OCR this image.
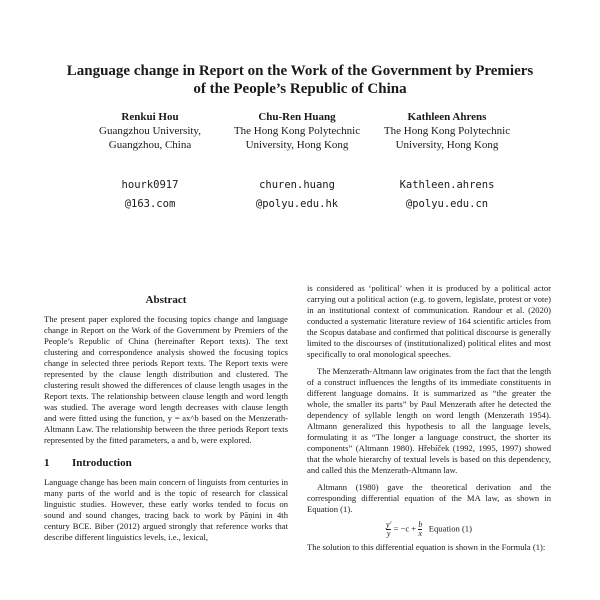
Language change in Report on the Work of the Government by Premiers
of the People’s Republic of China
Renkui Hou
Guangzhou University,
Guangzhou, China
hourk0917
@163.com
Chu-Ren Huang
The Hong Kong Polytechnic
University, Hong Kong
churen.huang
@polyu.edu.hk
Kathleen Ahrens
The Hong Kong Polytechnic
University, Hong Kong
Kathleen.ahrens
@polyu.edu.cn
Abstract

The present paper explored the focusing topics change and language change in Report on the Work of the Government by Premiers of the People’s Republic of China (hereinafter Report texts). The text clustering and correspondence analysis showed the focusing topics change in selected three periods Report texts. The Report texts were represented by the clause length distribution and clustered. The clustering result showed the differences of clause length usages in the Report texts. The relationship between clause length and word length was studied. The average word length decreases with clause length and were fitted using the function, y = ax^b based on the Menzerath-Altmann Law. The relationship between the three periods Report texts represented by the fitted parameters, a and b, were explored.

1 Introduction

Language change has been main concern of linguists from centuries in many parts of the world and is the topic of research for classical linguistic studies. However, these early works tended to focus on sound and sound changes, tracing back to work by Pāṇini in 4th century BCE. Biber (2012) argued strongly that reference works that describe different linguistics levels, i.e., lexical,

is considered as ‘political’ when it is produced by a political actor carrying out a political action (e.g. to govern, legislate, protest or vote) in an institutional context of communication. Randour et al. (2020) conducted a systematic literature review of 164 scientific articles from the Scopus database and confirmed that political discourse is generally limited to the discourses of (institutionalized) political elites and most specifically to oral monological speeches.

The Menzerath-Altmann law originates from the fact that the length of a construct influences the lengths of its immediate constituents in different language domains. It is summarized as “the greater the whole, the smaller its parts” by Paul Menzerath after he detected the dependency of syllable length on word length (Menzerath 1954). Altmann generalized this hypothesis to all the language levels, formulating it as “The longer a language construct, the shorter its components” (Altmann 1980). Hřebíček (1992, 1995, 1997) showed that the whole hierarchy of textual levels is based on this dependency, and called this the Menzerath-Altmann law.

Altmann (1980) gave the theoretical derivation and the corresponding differential equation of the MA law, as shown in Equation (1).

$\frac{y'}{y} = -c + \frac{b}{x}$ Equation (1)

The solution to this differential equation is shown in the Formula (1):
